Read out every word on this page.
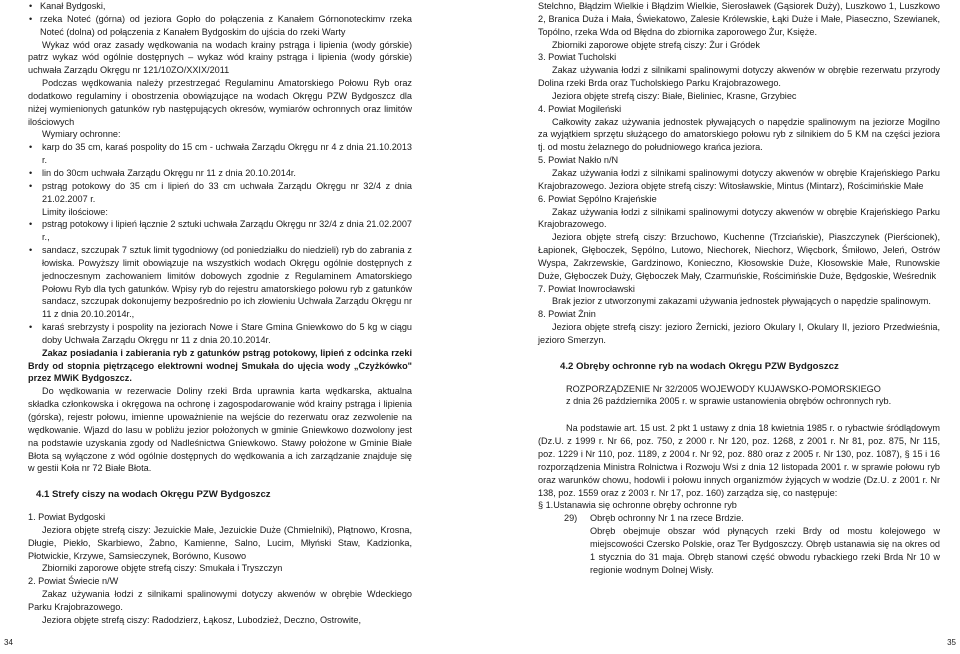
• Kanał Bydgoski,
• rzeka Noteć (górna) od jeziora Gopło do połączenia z Kanałem Górnonoteckimv rzeka Noteć (dolna) od połączenia z Kanałem Bydgoskim do ujścia do rzeki Warty

Wykaz wód oraz zasady wędkowania na wodach krainy pstrąga i lipienia (wody górskie) patrz wykaz wód ogólnie dostępnych – wykaz wód krainy pstrąga i lipienia (wody górskie) uchwała Zarządu Okręgu nr 121/10ZO/XXIX/2011

Podczas wędkowania należy przestrzegać Regulaminu Amatorskiego Połowu Ryb oraz dodatkowo regulaminy i obostrzenia obowiązujące na wodach Okręgu PZW Bydgoszcz dla niżej wymienionych gatunków ryb następujących okresów, wymiarów ochronnych oraz limitów ilościowych

Wymiary ochronne:

• karp do 35 cm, karaś pospolity do 15 cm - uchwała Zarządu Okręgu nr 4 z dnia 21.10.2013 r.
• lin do 30cm uchwała Zarządu Okręgu nr 11 z dnia 20.10.2014r.
• pstrąg potokowy do 35 cm i lipień do 33 cm uchwała Zarządu Okręgu nr 32/4 z dnia 21.02.2007 r.

Limity ilościowe:

• pstrąg potokowy i lipień łącznie 2 sztuki uchwała Zarządu Okręgu nr 32/4 z dnia 21.02.2007 r.,
• sandacz, szczupak 7 sztuk limit tygodniowy (od poniedziałku do niedzieli) ryb do zabrania z łowiska. Powyższy limit obowiązuje na wszystkich wodach Okręgu ogólnie dostępnych z jednoczesnym zachowaniem limitów dobowych zgodnie z Regulaminem Amatorskiego Połowu Ryb dla tych gatunków. Wpisy ryb do rejestru amatorskiego połowu ryb z gatunków sandacz, szczupak dokonujemy bezpośrednio po ich złowieniu Uchwała Zarządu Okręgu nr 11 z dnia 20.10.2014r.,
• karaś srebrzysty i pospolity na jeziorach Nowe i Stare Gmina Gniewkowo do 5 kg w ciągu doby Uchwała Zarządu Okręgu nr 11 z dnia 20.10.2014r.

Zakaz posiadania i zabierania ryb z gatunków pstrąg potokowy, lipień z odcinka rzeki Brdy od stopnia piętrzącego elektrowni wodnej Smukała do ujęcia wody „Czyżkówko" przez MWiK Bydgoszcz.

Do wędkowania w rezerwacie Doliny rzeki Brda uprawnia karta wędkarska, aktualna składka członkowska i okręgowa na ochronę i zagospodarowanie wód krainy pstrąga i lipienia (górska), rejestr połowu, imienne upoważnienie na wejście do rezerwatu oraz zezwolenie na wędkowanie. Wjazd do lasu w pobliżu jezior położonych w gminie Gniewkowo dozwolony jest na podstawie uzyskania zgody od Nadleśnictwa Gniewkowo. Stawy położone w Gminie Białe Błota są wyłączone z wód ogólnie dostępnych do wędkowania a ich zarządzanie znajduje się w gestii Koła nr 72 Białe Błota.

4.1 Strefy ciszy na wodach Okręgu PZW Bydgoszcz

1. Powiat Bydgoski

Jeziora objęte strefą ciszy: Jezuickie Małe, Jezuickie Duże (Chmielniki), Płątnowo, Krosna, Długie, Piekło, Skarbiewo, Żabno, Kamienne, Salno, Lucim, Młyński Staw, Kadzionka, Płotwickie, Krzywe, Samsieczynek, Borówno, Kusowo

Zbiorniki zaporowe objęte strefą ciszy: Smukała i Tryszczyn

2. Powiat Świecie n/W

Zakaz używania łodzi z silnikami spalinowymi dotyczy akwenów w obrębie Wdeckiego Parku Krajobrazowego.

Jeziora objęte strefą ciszy: Radodzierz, Łąkosz, Lubodzież, Deczno, Ostrowite,

34

Stelchno, Błądzim Wielkie i Błądzim Wielkie, Sierosławek (Gąsiorek Duży), Luszkowo 1, Luszkowo 2, Branica Duża i Mała, Świekatowo, Zalesie Królewskie, Łąki Duże i Małe, Piaseczno, Szewianek, Topólno, rzeka Wda od Błędna do zbiornika zaporowego Żur, Księże.

Zbiorniki zaporowe objęte strefą ciszy: Żur i Gródek

3. Powiat Tucholski

Zakaz używania łodzi z silnikami spalinowymi dotyczy akwenów w obrębie rezerwatu przyrody Dolina rzeki Brda oraz Tucholskiego Parku Krajobrazowego.

Jeziora objęte strefą ciszy: Białe, Bieliniec, Krasne, Grzybiec

4. Powiat Mogileński

Całkowity zakaz używania jednostek pływających o napędzie spalinowym na jeziorze Mogilno za wyjątkiem sprzętu służącego do amatorskiego połowu ryb z silnikiem do 5 KM na części jeziora tj. od mostu żelaznego do południowego krańca jeziora.

5. Powiat Nakło n/N

Zakaz używania łodzi z silnikami spalinowymi dotyczy akwenów w obrębie Krajeńskiego Parku Krajobrazowego. Jeziora objęte strefą ciszy: Witosławskie, Mintus (Mintarz), Rościmińskie Małe

6. Powiat Sępólno Krajeńskie

Zakaz używania łodzi z silnikami spalinowymi dotyczy akwenów w obrębie Krajeńskiego Parku Krajobrazowego.

Jeziora objęte strefą ciszy: Brzuchowo, Kuchenne (Trzciańskie), Piaszczynek (Pierścionek), Łapionek, Głęboczek, Sępólno, Lutowo, Niechorek, Niechorz, Więcbork, Śmiłowo, Jeleń, Ostrów Wyspa, Zakrzewskie, Gardzinowo, Konieczno, Kłosowskie Duże, Kłosowskie Małe, Runowskie Duże, Głęboczek Duży, Głęboczek Mały, Czarmuńskie, Rościmińskie Duże, Będgoskie, Weśrednik

7. Powiat Inowrocławski

Brak jezior z utworzonymi zakazami używania jednostek pływających o napędzie spalinowym.

8. Powiat Żnin

Jeziora objęte strefą ciszy: jezioro Żernicki, jezioro Okulary I, Okulary II, jezioro Przedwieśnia, jezioro Smerzyn.

4.2 Obręby ochronne ryb na wodach Okręgu PZW Bydgoszcz

ROZPORZĄDZENIE Nr 32/2005 WOJEWODY KUJAWSKO-POMORSKIEGO

z dnia 26 października 2005 r. w sprawie ustanowienia obrębów ochronnych ryb.

Na podstawie art. 15 ust. 2 pkt 1 ustawy z dnia 18 kwietnia 1985 r. o rybactwie śródlądowym (Dz.U. z 1999 r. Nr 66, poz. 750, z 2000 r. Nr 120, poz. 1268, z 2001 r. Nr 81, poz. 875, Nr 115, poz. 1229 i Nr 110, poz. 1189, z 2004 r. Nr 92, poz. 880 oraz z 2005 r. Nr 130, poz. 1087), § 15 i 16 rozporządzenia Ministra Rolnictwa i Rozwoju Wsi z dnia 12 listopada 2001 r. w sprawie połowu ryb oraz warunków chowu, hodowli i połowu innych organizmów żyjących w wodzie (Dz.U. z 2001 r. Nr 138, poz. 1559 oraz z 2003 r. Nr 17, poz. 160) zarządza się, co następuje:

§ 1.Ustanawia się ochronne obręby ochronne ryb

29) Obręb ochronny Nr 1 na rzece Brdzie.
Obręb obejmuje obszar wód płynących rzeki Brdy od mostu kolejowego w miejscowości Czersko Polskie, oraz Ter Bydgoszczy. Obręb ustanawia się na okres od 1 stycznia do 31 maja. Obręb stanowi część obwodu rybackiego rzeki Brda Nr 10 w regionie wodnym Dolnej Wisły.
35
